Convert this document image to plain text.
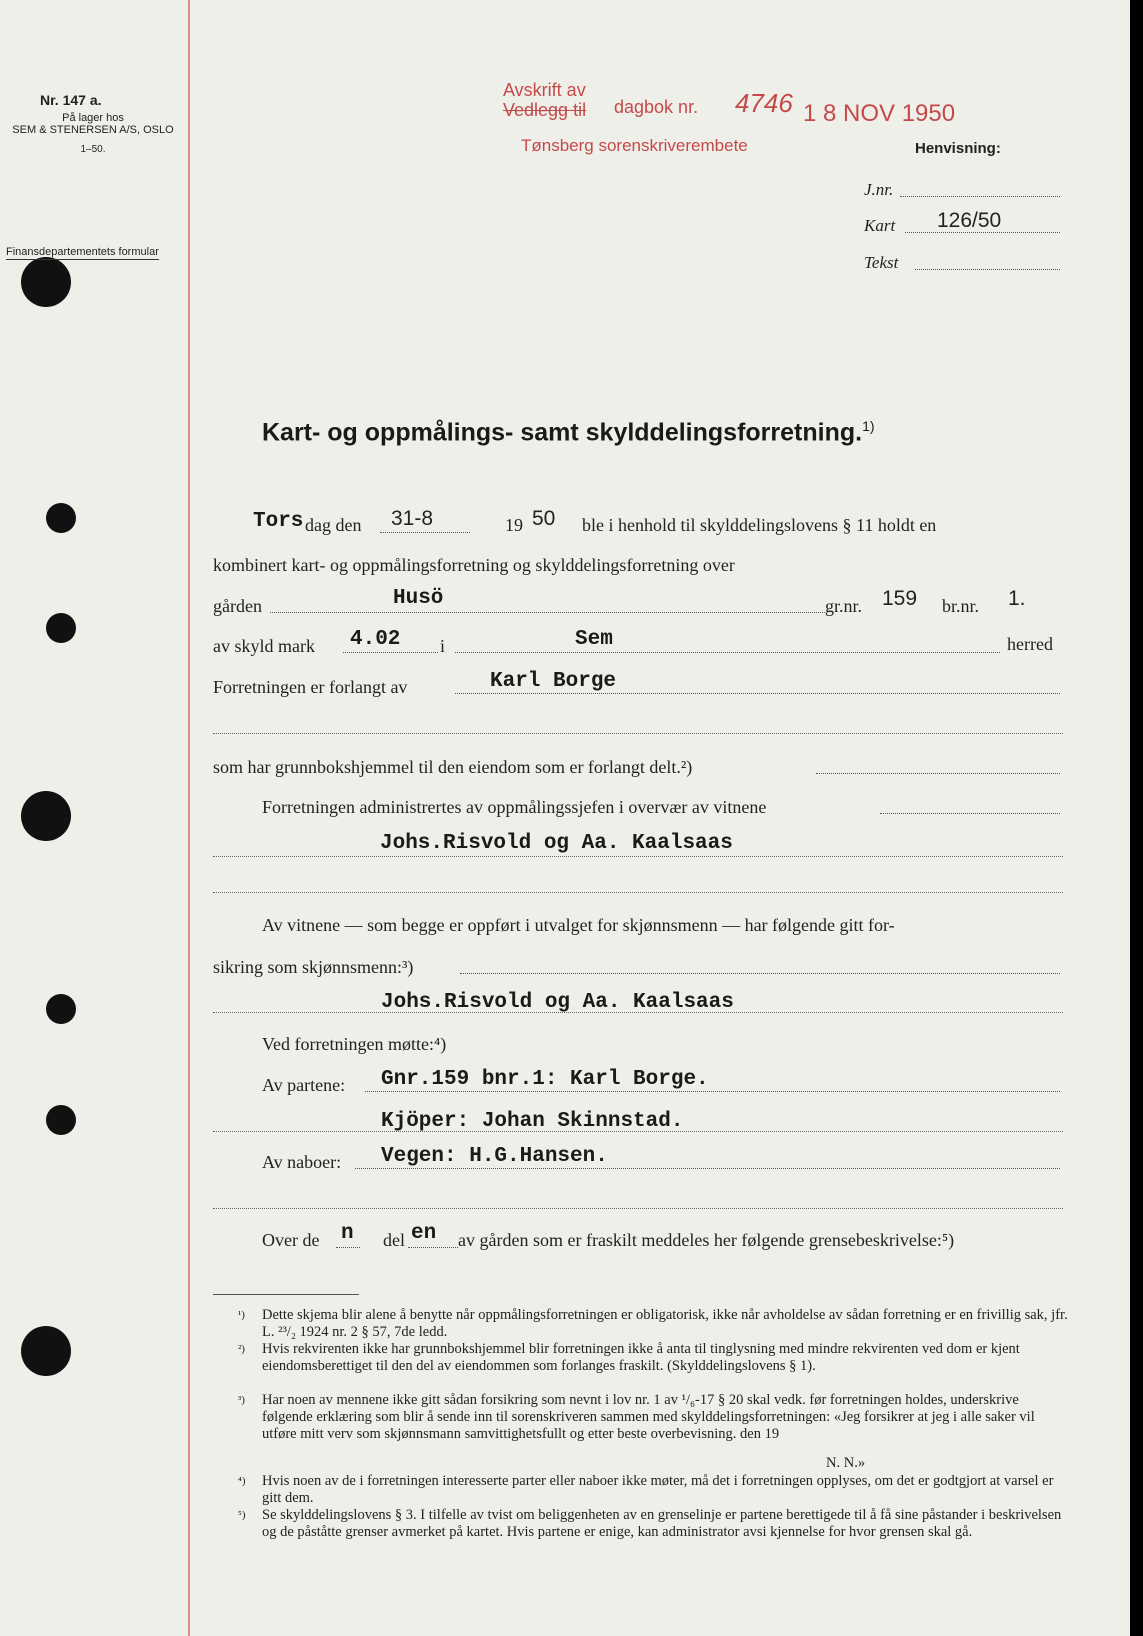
Nr. 147 a.
På lager hos
SEM & STENERSEN A/S, OSLO
1–50.
Finansdepartementets formular
Avskrift av
Vedlegg til dagbok nr. 4746 1 8 NOV 1950
Tønsberg sorenskriverembete	Henvisning:
J.nr.
Kart 126/50
Tekst
Kart- og oppmålings- samt skylddelingsforretning.$^{1)}$
Tors dag den 31-8	19 50 ble i henhold til skylddelingslovens § 11 holdt en
kombinert kart- og oppmålingsforretning og skylddelingsforretning over
gården	Husö	gr.nr. 159 br.nr. 1.
av skyld mark 4.02 i	Sem	herred
Forretningen er forlangt av	Karl Borge
som har grunnbokshjemmel til den eiendom som er forlangt delt.²)
Forretningen administrertes av oppmålingssjefen i overvær av vitnene
Johs.Risvold og Aa. Kaalsaas
Av vitnene — som begge er oppført i utvalget for skjønnsmenn — har følgende gitt for-
sikring som skjønnsmenn:³)
Johs.Risvold og Aa. Kaalsaas
Ved forretningen møtte:⁴)
Av partene: Gnr.159 bnr.1: Karl Borge.
Kjöper: Johan Skinnstad.
Av naboer: Vegen: H.G.Hansen.
Over de n del en av gården som er fraskilt meddeles her følgende grensebeskrivelse:⁵)
¹) Dette skjema blir alene å benytte når oppmålingsforretningen er obligatorisk, ikke når avholdelse av sådan forretning er en frivillig sak, jfr. L. ²³/₂ 1924 nr. 2 § 57, 7de ledd.
²) Hvis rekvirenten ikke har grunnbokshjemmel blir forretningen ikke å anta til tinglysning med mindre rekvirenten ved dom er kjent eiendomsberettiget til den del av eiendommen som forlanges fraskilt. (Skylddelingslovens § 1).
³) Har noen av mennene ikke gitt sådan forsikring som nevnt i lov nr. 1 av ¹/₆-17 § 20 skal vedk. før forretningen holdes, underskrive følgende erklæring som blir å sende inn til sorenskriveren sammen med skylddelingsforretningen: «Jeg forsikrer at jeg i alle saker vil utføre mitt verv som skjønnsmann samvittighetsfullt og etter beste overbevisning. den 19
N. N.»
⁴) Hvis noen av de i forretningen interesserte parter eller naboer ikke møter, må det i forretningen opplyses, om det er godtgjort at varsel er gitt dem.
⁵) Se skylddelingslovens § 3. I tilfelle av tvist om beliggenheten av en grenselinje er partene berettigede til å få sine påstander i beskrivelsen og de påståtte grenser avmerket på kartet. Hvis partene er enige, kan administrator avsi kjennelse for hvor grensen skal gå.
